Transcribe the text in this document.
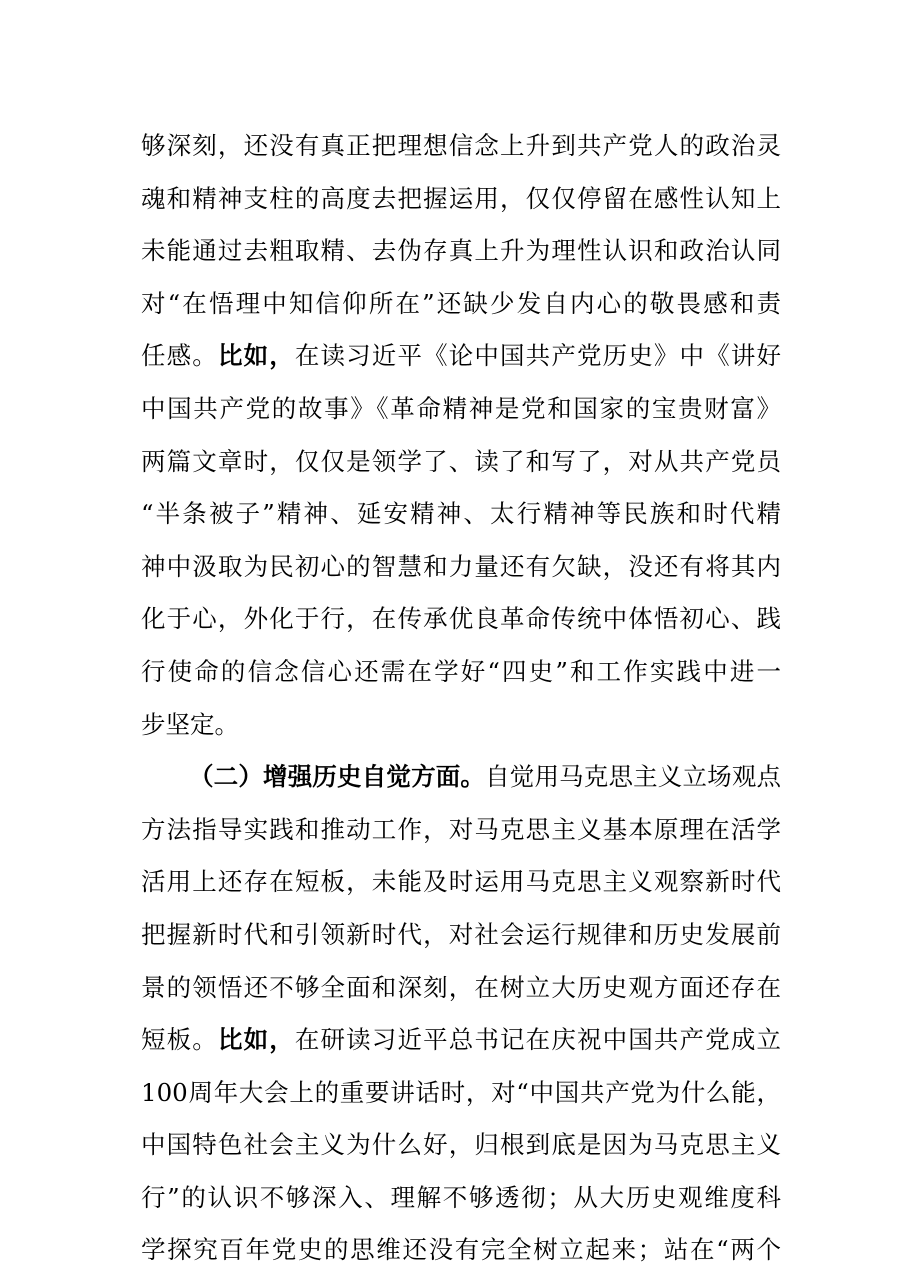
够深刻，还没有真正把理想信念上升到共产党人的政治灵
魂和精神支柱的高度去把握运用，仅仅停留在感性认知上
未能通过去粗取精、去伪存真上升为理性认识和政治认同
对“在悟理中知信仰所在”还缺少发自内心的敬畏感和责
任感。比如，在读习近平《论中国共产党历史》中《讲好
中国共产党的故事》《革命精神是党和国家的宝贵财富》
两篇文章时，仅仅是领学了、读了和写了，对从共产党员
“半条被子”精神、延安精神、太行精神等民族和时代精
神中汲取为民初心的智慧和力量还有欠缺，没还有将其内
化于心，外化于行，在传承优良革命传统中体悟初心、践
行使命的信念信心还需在学好“四史”和工作实践中进一
步坚定。
（二）增强历史自觉方面。自觉用马克思主义立场观点
方法指导实践和推动工作，对马克思主义基本原理在活学
活用上还存在短板，未能及时运用马克思主义观察新时代
把握新时代和引领新时代，对社会运行规律和历史发展前
景的领悟还不够全面和深刻，在树立大历史观方面还存在
短板。比如，在研读习近平总书记在庆祝中国共产党成立
100周年大会上的重要讲话时，对“中国共产党为什么能，
中国特色社会主义为什么好，归根到底是因为马克思主义
行”的认识不够深入、理解不够透彻；从大历史观维度科
学探究百年党史的思维还没有完全树立起来；站在“两个
